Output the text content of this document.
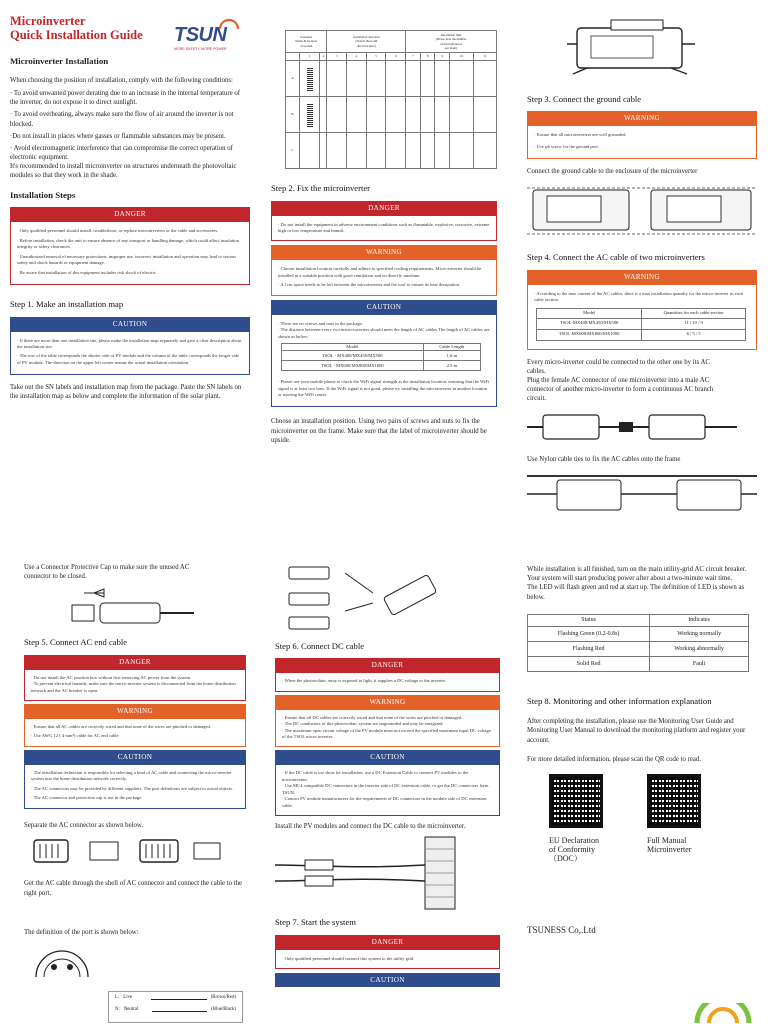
Microinverter
Quick Installation Guide	TSUN
MORE SAFETY, MORE POWER
Microinverter Installation
When choosing the position of installation, comply with the following conditions:
· To avoid unwanted power derating due to an increase in the internal temperature of the inverter, do not expose it to direct sunlight.
· To avoid overheating, always make sure the flow of air around the inverter is not blocked.
·Do not install in places where gasses or flammable substances may be present.
· Avoid electromagnetic interference that can compromise the correct operation of electronic equipment.
It's recommended to install microinverter on structures underneath the photovoltaic modules so that they work in the shade.
Installation Steps
DANGER
· Only qualified personnel should install, troubleshoot, or replace microinverters or the cable and accessories.
· Before installation, check the unit to ensure absence of any transport or handling damage, which could affect insulation integrity or safety clearances.
· Unauthorized removal of necessary protections, improper use, incorrect installation and operation may lead to serious safety and shock hazards or equipment damage.
· Be aware that installation of this equipment includes risk shock of electric.
Step 1. Make an installation map
CAUTION
· If there are more than one installation site, please make the installation map separately and give a clear description about the installation site.
· The row of the table corresponds the shorter side of PV module and the column of the table corresponds the longer side of PV module. The direction on the upper left corner means the actual installation orientation.
Take out the SN labels and installation map from the package. Paste the SN labels on the installation map as below and complete the information of the solar plant.
Customer
Name & location
of system			Installation direction
(Sketch the north
direction here)				Installation time
(Please note the number
of microinverters
per plant)				
	1	2	3	4	5	6	7	8	9	10	11
A	

B	

C											
Step 2. Fix the microinverter
DANGER
· Do not install the equipment in adverse environment conditions such as flammable, explosive, corrosive, extreme high or low temperature and humid.
WARNING
· Choose installation location carefully and adhere to specified cooling requirements. Micro-inverter should be installed in a suitable position with good ventilation and no directly sunshine.
· A 1cm space needs to be left between the microinverter and the roof to ensure its heat dissipation.
CAUTION
· There are no screws and nuts in the package.
· The distance between every two micro-inverters should meet the length of AC cables.The length of AC cables are shown as below:
Model	Cable Length
TSOL - MX400/MX450/MX500	1.6 m
TSOL - MX600/MX800/MX1000	2.5 m
· Please use your mobile phone to check the WiFi signal strength at the installation location, ensuring that the WiFi signal is at least two bars. If the WiFi signal is not good, please try installing the microinverter in another location or moving the WiFi router.
Choose an installation position. Using two pairs of screws and nuts to fix the microinverter on the frame. Make sure that the label of microinverter should be upside.
Step 3. Connect the ground cable
WARNING
· Ensure that all microinverters are well grounded.
· Use φ6 screw for the ground port.
Connect the ground cable to the enclosure of the microinverter
Step 4. Connect the AC cable of two microinverters
WARNING
· According to the max current of the AC cables, there is a max installation quantity for the micro-inverter in each cable section.
Model	Quantities for each cable section
TSOL-MX400/MX450/MX500	11 / 10 / 9
TSOL-MX600/MX800/MX1000	6 / 5 / 5
Every micro-inverter could be connected to the other one by its AC cables.
Plug the female AC connector of one microinverter into a male AC connector of another micro-inverter to form a continuous AC branch circuit.
Use Nylon cable ties to fix the AC cables onto the frame
Use a Connector Protective Cap to make sure the unused AC connector to be closed.
Step 5. Connect AC end cable
DANGER
· Do not install the AC junction box without first removing AC power from the system.
· To prevent electrical hazards, make sure the micro-inverter system is disconnected from the home distribution network and the AC breaker is open.
WARNING
· Ensure that all AC cables are correctly wired and that none of the wires are pinched or damaged.
· Use AWG 12 ( 4 mm²) cable for AC end cable
CAUTION
· The installation technician is responsible for selecting a kind of AC cable and connecting the micro-inverter system into the home distribution network correctly.
· The AC connectors may be provided by different suppliers. The port definitions are subject to actual objects.
· The AC connector and protection cap is not in the package.
Separate the AC connector as shown below.
Get the AC cable through the shell of AC connector and connect the cable to the right port.
The definition of the port is shown below:
L: Live	(Brown/Red)
N: Neutral	(Blue/Black)
Step 6. Connect DC cable
DANGER
· When the photovoltaic array is exposed to light, it supplies a DC voltage to the inverter.
WARNING
· Ensure that all DC cables are correctly wired and that none of the wires are pinched or damaged.
· The DC conductors of this photovoltaic system are ungrounded and may be energized.
· The maximum open circuit voltage of the PV module must not exceed the specified maximum input DC voltage of the TSOL micro inverter.
CAUTION
· If the DC cable is too short for installation, use a DC Extension Cable to connect PV modules to the microinverter.
· Use MC4 compatible DC connectors in the inverter side of DC extension cable, or get the DC connectors form TSUN.
· Contact PV module manufacturers for the requirements of DC connectors in the module side of DC extension cable.
Install the PV modules and connect the DC cable to the microinverter.
Step 7. Start the system
DANGER
· Only qualified personnel should connect this system to the utility grid.
CAUTION
While installation is all finished, turn on the main utility-grid AC circuit breaker. Your system will start producing power after about a two-minute wait time.
The LED will flash green and red at start up. The definition of LED is shown as below.
Status	Indicates
Flashing Green (0.2-0.8s)	Working normally
Flashing Red	Working abnormally
Solid Red	Fault
Step 8. Monitoring and other information explanation
After completing the installation, please use the Monitoring User Guide and Monitoring User Manual to download the monitoring platform and register your account.
For more detailed information, please scan the QR code to read.
EU Declaration
of Conformity
（DOC）
Full Manual
Microinverter
TSUNESS Co,.Ltd
